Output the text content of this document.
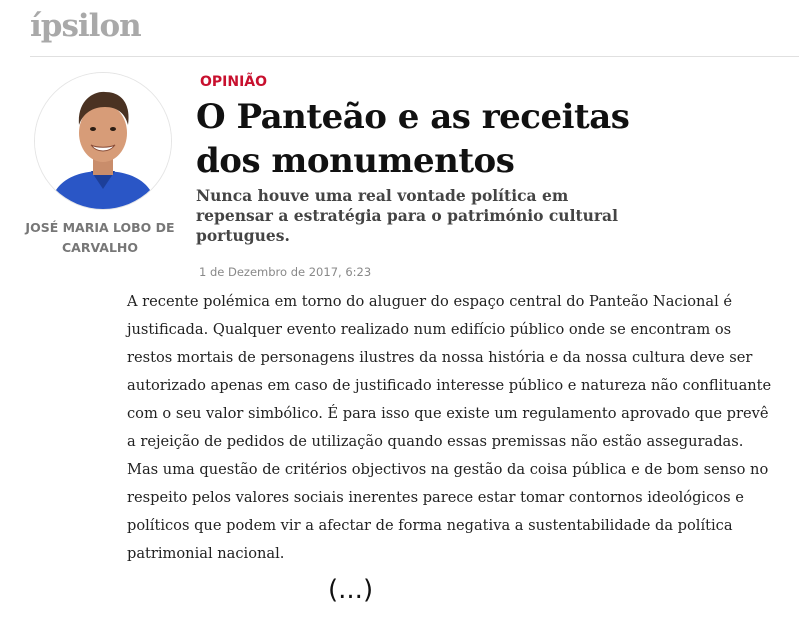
ípsilon
JOSÉ MARIA LOBO DE CARVALHO
OPINIÃO
O Panteão e as receitas dos monumentos
Nunca houve uma real vontade política em repensar a estratégia para o património cultural portugues.
1 de Dezembro de 2017, 6:23

A recente polémica em torno do aluguer do espaço central do Panteão Nacional é justificada. Qualquer evento realizado num edifício público onde se encontram os restos mortais de personagens ilustres da nossa história e da nossa cultura deve ser autorizado apenas em caso de justificado interesse público e natureza não conflituante com o seu valor simbólico. É para isso que existe um regulamento aprovado que prevê a rejeição de pedidos de utilização quando essas premissas não estão asseguradas. Mas uma questão de critérios objectivos na gestão da coisa pública e de bom senso no respeito pelos valores sociais inerentes parece estar tomar contornos ideológicos e políticos que podem vir a afectar de forma negativa a sustentabilidade da política patrimonial nacional.

(...)
